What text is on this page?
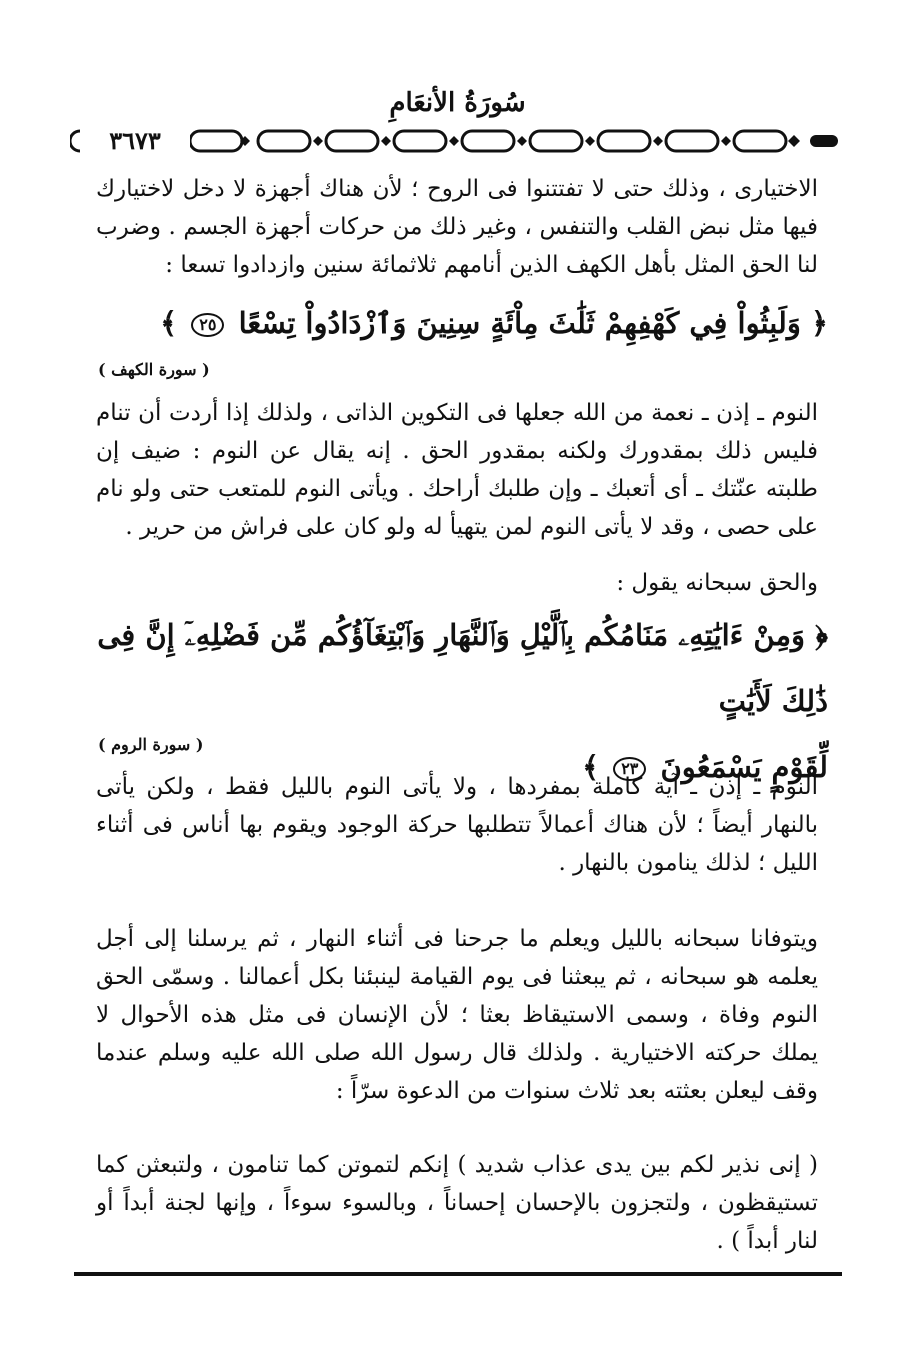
سُورَةُ الأنعَامِ
٣٦٧٣
الاختيارى ، وذلك حتى لا تفتتنوا فى الروح ؛ لأن هناك أجهزة لا دخل لاختيارك فيها مثل نبض القلب والتنفس ، وغير ذلك من حركات أجهزة الجسم . وضرب لنا الحق المثل بأهل الكهف الذين أنامهم ثلاثمائة سنين وازدادوا تسعا :
﴿ وَلَبِثُواْ فِي كَهْفِهِمْ ثَلَٰثَ مِاْئَةٍ سِنِينَ وَٱزْدَادُواْ تِسْعًا ٢٥ ﴾
( سورة الكهف )
النوم ـ إذن ـ نعمة من الله جعلها فى التكوين الذاتى ، ولذلك إذا أردت أن تنام فليس ذلك بمقدورك ولكنه بمقدور الحق . إنه يقال عن النوم : ضيف إن طلبته عنّتك ـ أى أتعبك ـ وإن طلبك أراحك . ويأتى النوم للمتعب حتى ولو نام على حصى ، وقد لا يأتى النوم لمن يتهيأ له ولو كان على فراش من حرير .
والحق سبحانه يقول :
﴿ وَمِنْ ءَايَٰتِهِۦ مَنَامُكُم بِٱلَّيْلِ وَٱلنَّهَارِ وَٱبْتِغَآؤُكُم مِّن فَضْلِهِۦٓ إِنَّ فِى ذَٰلِكَ لَأَيَٰتٍ
لِّقَوْمٍ يَسْمَعُونَ ٢٣ ﴾
( سورة الروم )
النوم ـ إذن ـ آية كاملة بمفردها ، ولا يأتى النوم بالليل فقط ، ولكن يأتى بالنهار أيضاً ؛ لأن هناك أعمالاً تتطلبها حركة الوجود ويقوم بها أناس فى أثناء الليل ؛ لذلك ينامون بالنهار .
ويتوفانا سبحانه بالليل ويعلم ما جرحنا فى أثناء النهار ، ثم يرسلنا إلى أجل يعلمه هو سبحانه ، ثم يبعثنا فى يوم القيامة لينبئنا بكل أعمالنا . وسمّى الحق النوم وفاة ، وسمى الاستيقاظ بعثا ؛ لأن الإنسان فى مثل هذه الأحوال لا يملك حركته الاختيارية . ولذلك قال رسول الله صلى الله عليه وسلم عندما وقف ليعلن بعثته بعد ثلاث سنوات من الدعوة سرّاً :
( إنى نذير لكم بين يدى عذاب شديد ) إنكم لتموتن كما تنامون ، ولتبعثن كما تستيقظون ، ولتجزون بالإحسان إحساناً ، وبالسوء سوءاً ، وإنها لجنة أبداً أو لنار أبداً ) .
